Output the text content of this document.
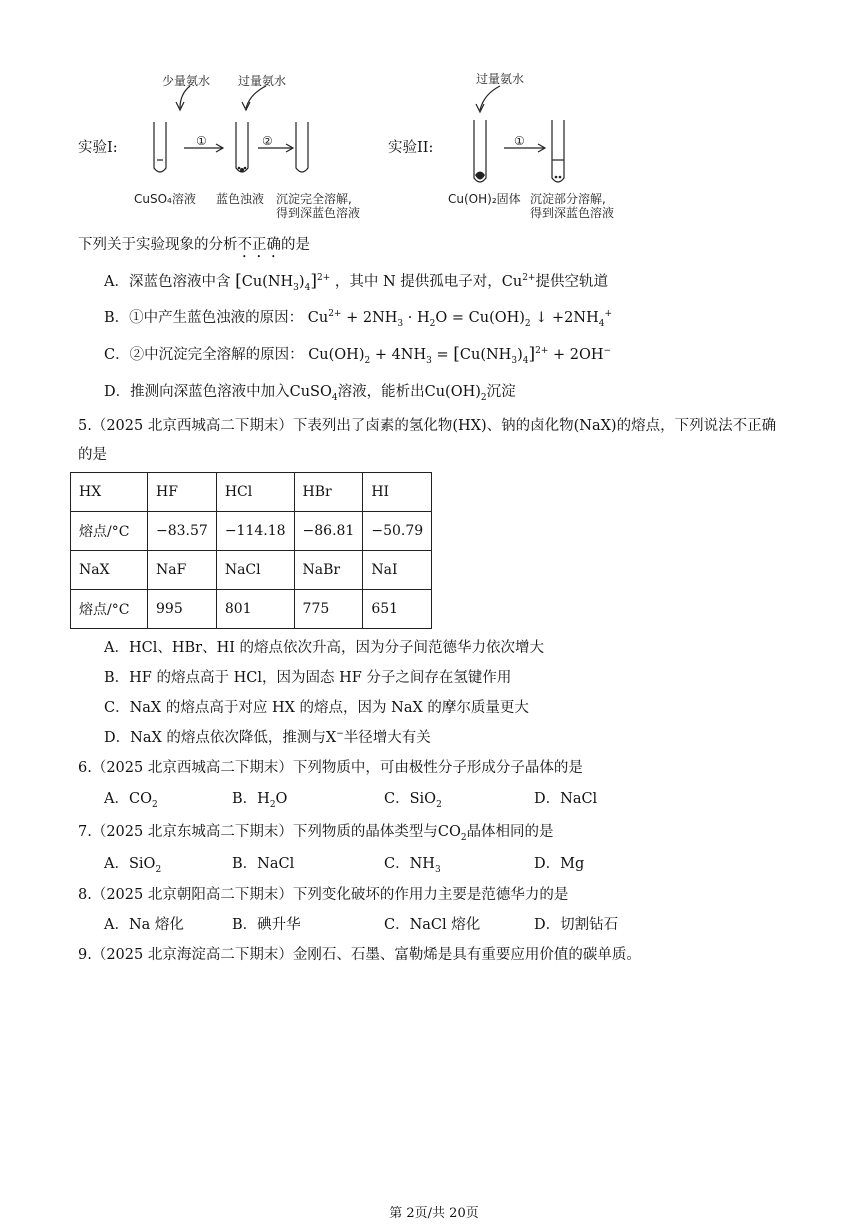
少量氨水 过量氨水
实验I:	①	②
CuSO₄溶液 蓝色浊液 沉淀完全溶解,
得到深蓝色溶液
过量氨水
实验II:	①
Cu(OH)₂固体 沉淀部分溶解,
得到深蓝色溶液
下列关于实验现象的分析不正确的是
A．深蓝色溶液中含 $[Cu(NH_3)_4]^{2+}$ ，其中 N 提供孤电子对，$Cu^{2+}$提供空轨道
B．①中产生蓝色浊液的原因： $Cu^{2+} + 2NH_3 \cdot H_2O = Cu(OH)_2$ ↓ $+2NH_4^+$
C．②中沉淀完全溶解的原因： $Cu(OH)_2 + 4NH_3 = [Cu(NH_3)_4]^{2+} + 2OH^-$
D．推测向深蓝色溶液中加入CuSO$_4$溶液，能析出$Cu(OH)_2$沉淀
5.（2025 北京西城高二下期末）下表列出了卤素的氢化物(HX)、钠的卤化物(NaX)的熔点，下列说法不正确
的是
HX	HF	HCl	HBr	HI
熔点/°C	−83.57	−114.18	−86.81	−50.79
NaX	NaF	NaCl	NaBr	NaI
熔点/°C	995	801	775	651
A．HCl、HBr、HI 的熔点依次升高，因为分子间范德华力依次增大
B．HF 的熔点高于 HCl，因为固态 HF 分子之间存在氢键作用
C．NaX 的熔点高于对应 HX 的熔点，因为 NaX 的摩尔质量更大
D．NaX 的熔点依次降低，推测与X−半径增大有关
6.（2025 北京西城高二下期末）下列物质中，可由极性分子形成分子晶体的是
A．$CO_2$	B．$H_2O$	C．SiO$_2$	D．NaCl
7.（2025 北京东城高二下期末）下列物质的晶体类型与$CO_2$晶体相同的是
A．SiO$_2$	B．NaCl	C．$NH_3$	D．Mg
8.（2025 北京朝阳高二下期末）下列变化破坏的作用力主要是范德华力的是
A．Na 熔化	B．碘升华	C．NaCl 熔化	D．切割钻石
9.（2025 北京海淀高二下期末）金刚石、石墨、富勒烯是具有重要应用价值的碳单质。
第 2页/共 20页
